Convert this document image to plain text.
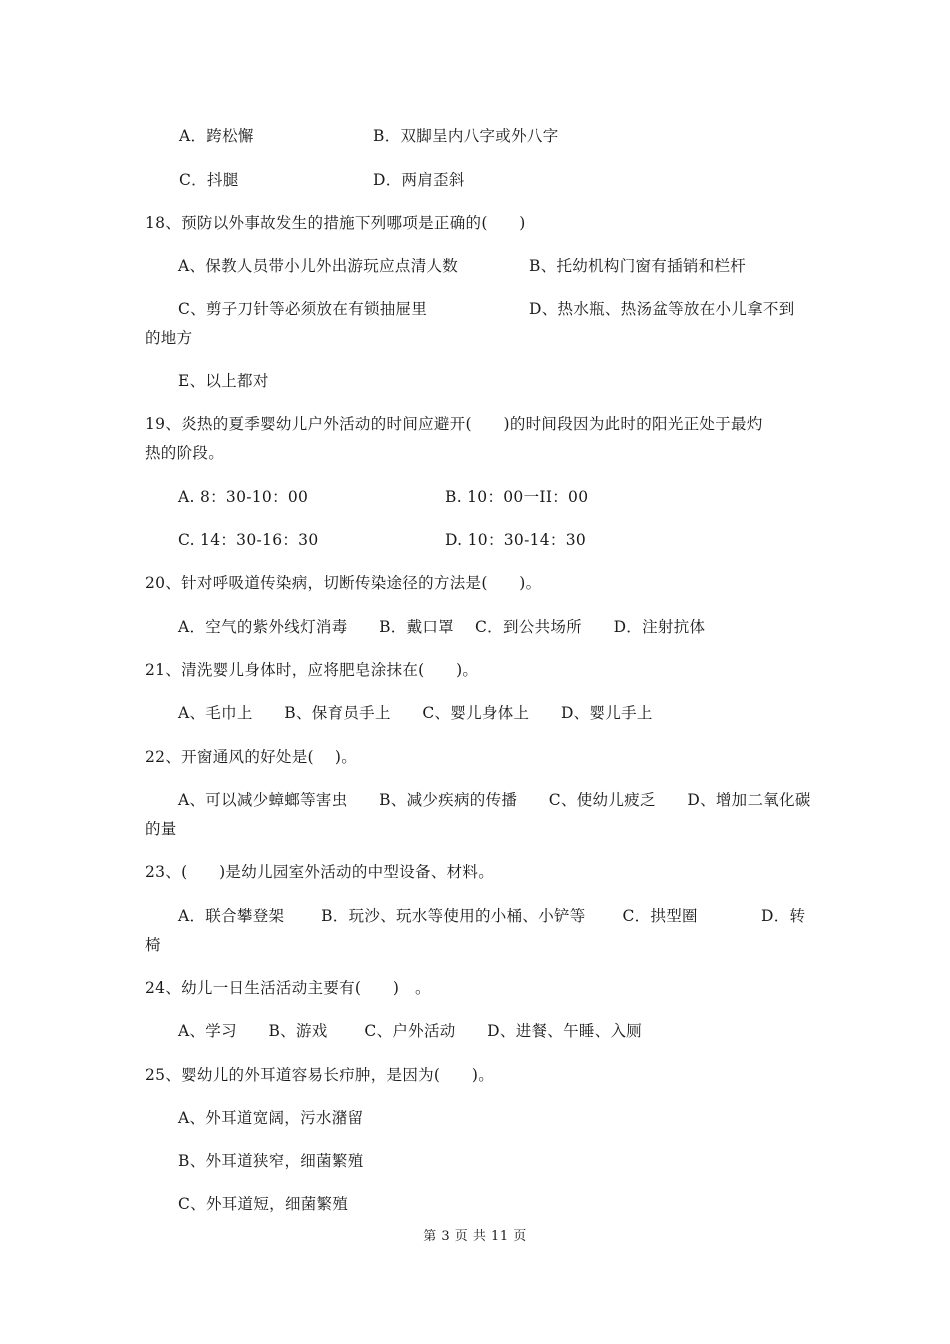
A．跨松懈	B．双脚呈内八字或外八字
C．抖腿	D．两肩歪斜
18、预防以外事故发生的措施下列哪项是正确的(　　)
A、保教人员带小儿外出游玩应点清人数	B、托幼机构门窗有插销和栏杆
C、剪子刀针等必须放在有锁抽屉里	D、热水瓶、热汤盆等放在小儿拿不到
的地方
E、以上都对
19、炎热的夏季婴幼儿户外活动的时间应避开(　　)的时间段因为此时的阳光正处于最灼
热的阶段。
A. 8：30-10：00	B. 10：00一II：00
C. 14：30-16：30	D. 10：30-14：30
20、针对呼吸道传染病，切断传染途径的方法是(　　)。
A．空气的紫外线灯消毒　　B．戴口罩　 C．到公共场所　　D．注射抗体
21、清洗婴儿身体时，应将肥皂涂抹在(　　)。
A、毛巾上　　B、保育员手上　　C、婴儿身体上　　D、婴儿手上
22、开窗通风的好处是(　 )。
A、可以减少蟑螂等害虫　　B、减少疾病的传播　　C、使幼儿疲乏　　D、增加二氧化碳
的量
23、(　　)是幼儿园室外活动的中型设备、材料。
A．联合攀登架　　 B．玩沙、玩水等使用的小桶、小铲等　　 C．拱型圈　　　　D．转
椅
24、幼儿一日生活活动主要有(　　)　。
A、学习　　B、游戏　　 C、户外活动　　D、进餐、午睡、入厕
25、婴幼儿的外耳道容易长疖肿，是因为(　　)。
A、外耳道宽阔，污水潴留
B、外耳道狭窄，细菌繁殖
C、外耳道短，细菌繁殖
第 3 页 共 11 页
